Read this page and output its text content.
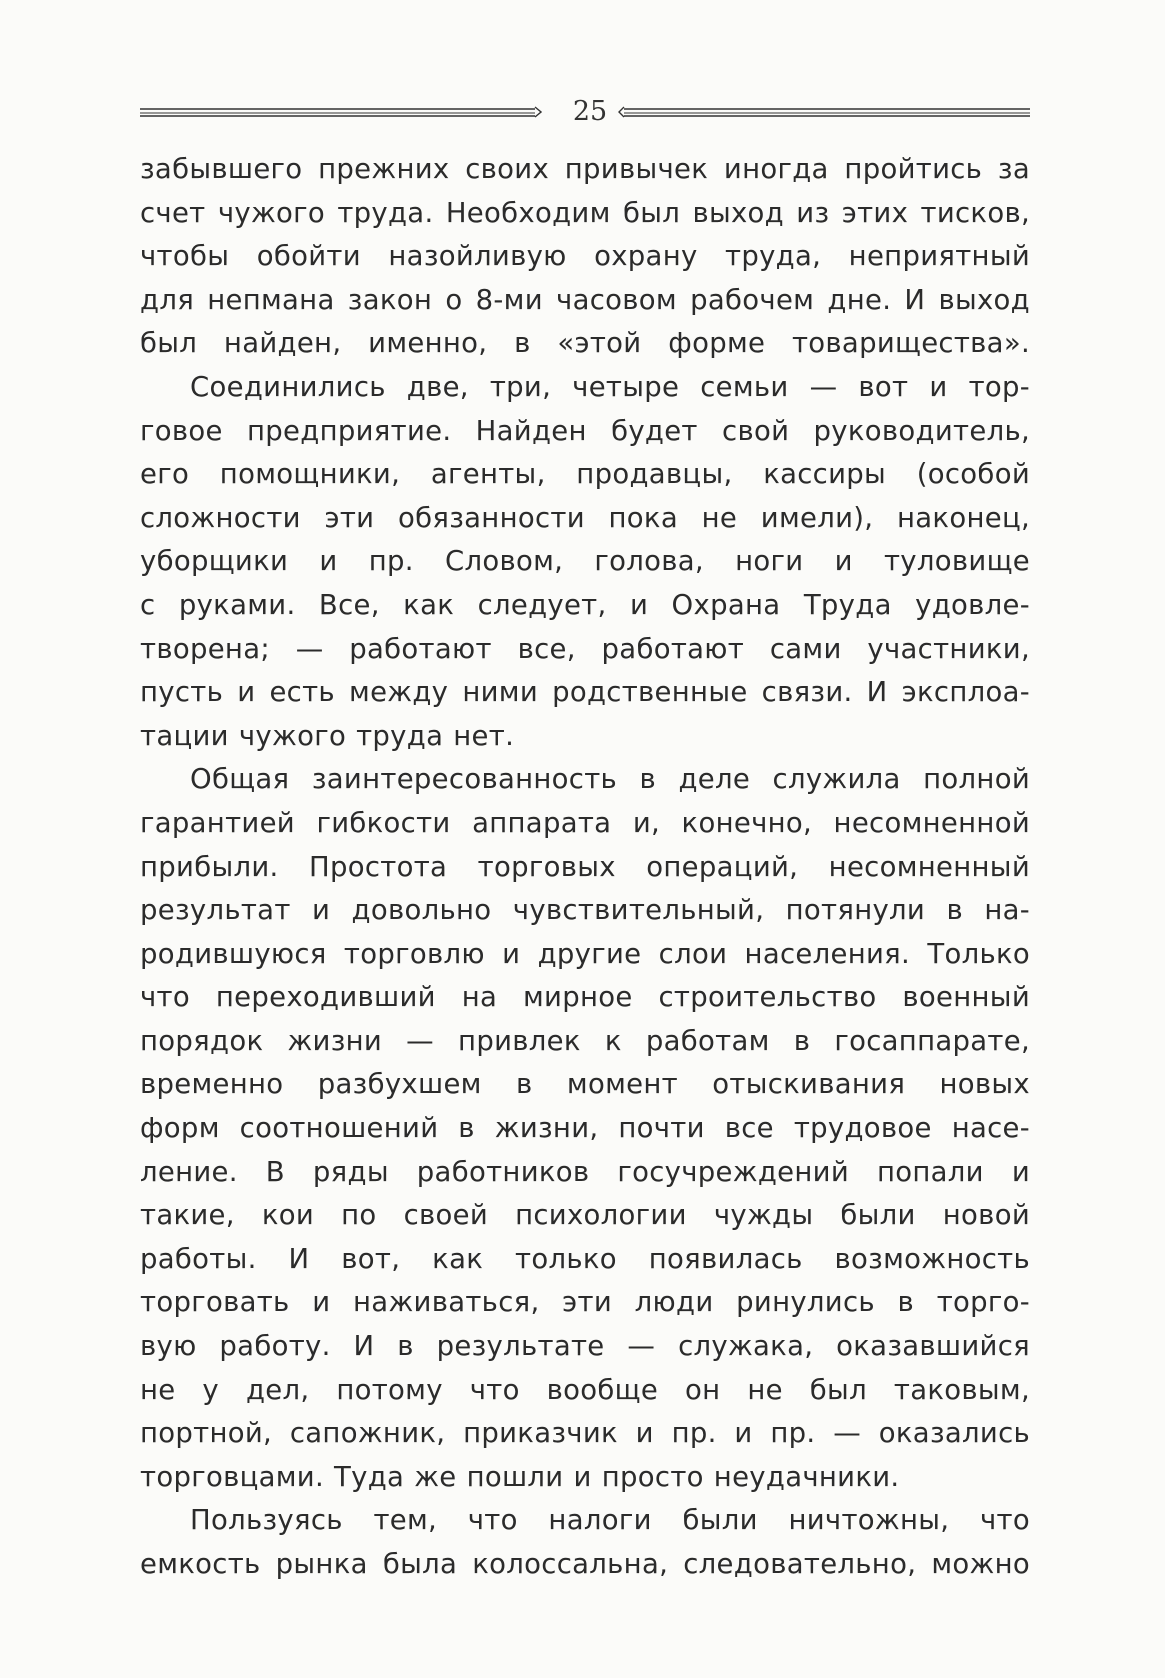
25

забывшего прежних своих привычек иногда пройтись за
счет чужого труда. Необходим был выход из этих тисков,
чтобы обойти назойливую охрану труда, неприятный
для непмана закон о 8-ми часовом рабочем дне. И выход
был найден, именно, в «этой форме товарищества».

Соединились две, три, четыре семьи — вот и тор-
говое предприятие. Найден будет свой руководитель,
его помощники, агенты, продавцы, кассиры (особой
сложности эти обязанности пока не имели), наконец,
уборщики и пр. Словом, голова, ноги и туловище
с руками. Все, как следует, и Охрана Труда удовле-
творена; — работают все, работают сами участники,
пусть и есть между ними родственные связи. И эксплоа-
тации чужого труда нет.

Общая заинтересованность в деле служила полной
гарантией гибкости аппарата и, конечно, несомненной
прибыли. Простота торговых операций, несомненный
результат и довольно чувствительный, потянули в на-
родившуюся торговлю и другие слои населения. Только
что переходивший на мирное строительство военный
порядок жизни — привлек к работам в госаппарате,
временно разбухшем в момент отыскивания новых
форм соотношений в жизни, почти все трудовое насе-
ление. В ряды работников госучреждений попали и
такие, кои по своей психологии чужды были новой
работы. И вот, как только появилась возможность
торговать и наживаться, эти люди ринулись в торго-
вую работу. И в результате — служака, оказавшийся
не у дел, потому что вообще он не был таковым,
портной, сапожник, приказчик и пр. и пр. — оказались
торговцами. Туда же пошли и просто неудачники.

Пользуясь тем, что налоги были ничтожны, что
емкость рынка была колоссальна, следовательно, можно
